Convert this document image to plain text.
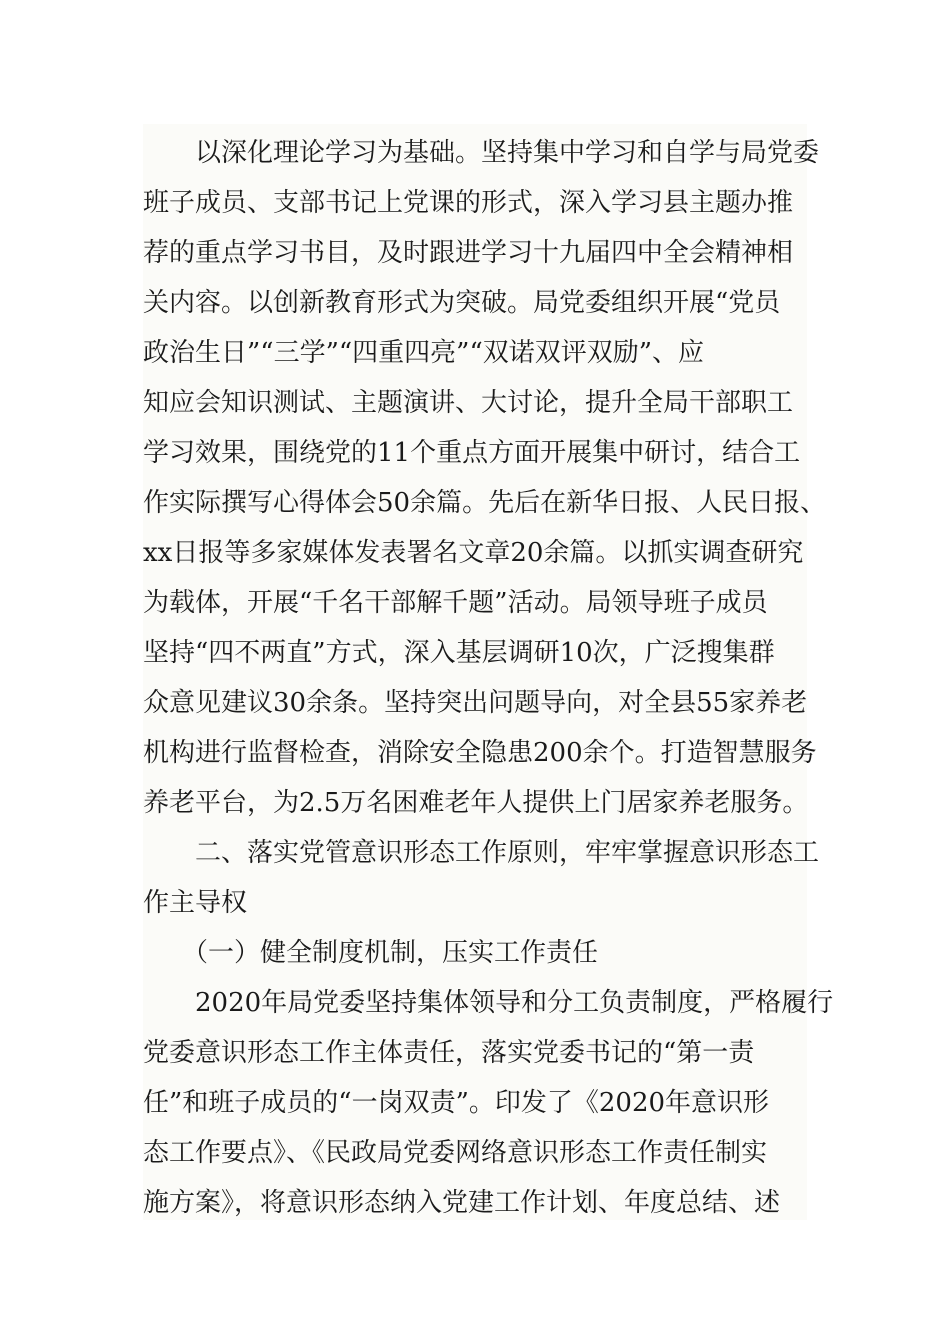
　　以深化理论学习为基础。坚持集中学习和自学与局党委
班子成员、支部书记上党课的形式，深入学习县主题办推
荐的重点学习书目，及时跟进学习十九届四中全会精神相
关内容。以创新教育形式为突破。局党委组织开展“党员
政治生日”“三学”“四重四亮”“双诺双评双励”、应
知应会知识测试、主题演讲、大讨论，提升全局干部职工
学习效果，围绕党的11个重点方面开展集中研讨，结合工
作实际撰写心得体会50余篇。先后在新华日报、人民日报、
xx日报等多家媒体发表署名文章20余篇。以抓实调查研究
为载体，开展“千名干部解千题”活动。局领导班子成员
坚持“四不两直”方式，深入基层调研10次，广泛搜集群
众意见建议30余条。坚持突出问题导向，对全县55家养老
机构进行监督检查，消除安全隐患200余个。打造智慧服务
养老平台，为2.5万名困难老年人提供上门居家养老服务。
　　二、落实党管意识形态工作原则，牢牢掌握意识形态工
作主导权
　　（一）健全制度机制，压实工作责任
　　2020年局党委坚持集体领导和分工负责制度，严格履行
党委意识形态工作主体责任，落实党委书记的“第一责
任”和班子成员的“一岗双责”。印发了《2020年意识形
态工作要点》、《民政局党委网络意识形态工作责任制实
施方案》，将意识形态纳入党建工作计划、年度总结、述
